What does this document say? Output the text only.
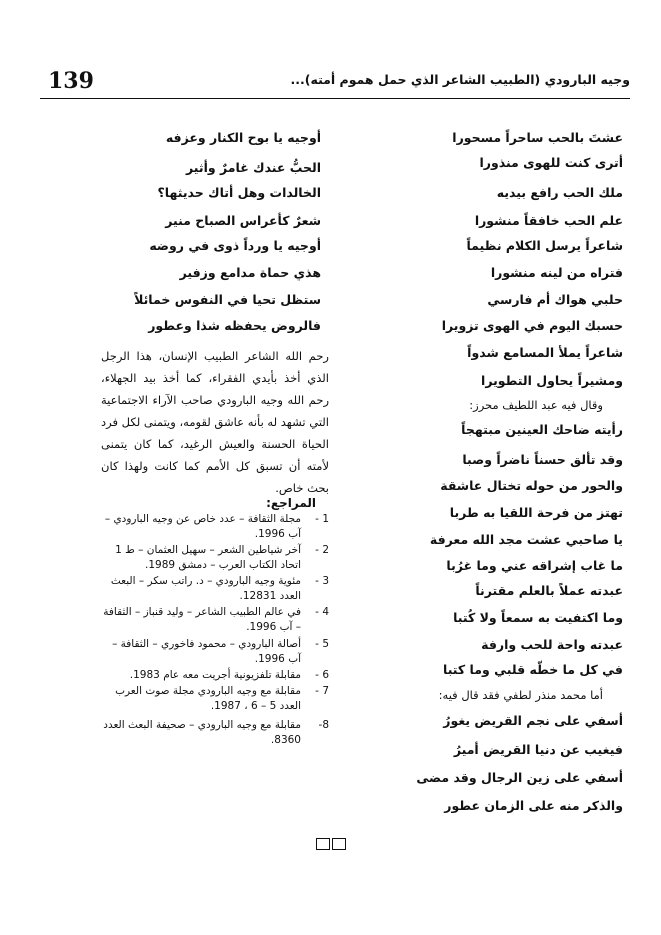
139	وجيه البارودي (الطبيب الشاعر الذي حمل هموم أمته)...
عشتَ بالحب ساحراً مسحورا
أترى كنت للهوى منذورا
ملك الحب رافع بيديه
علم الحب خافقاً منشورا
شاعراً يرسل الكلام نظيماً
فتراه من لينه منشورا
حلبي هواك أم فارسي
حسبك اليوم في الهوى تزويرا
شاعراً يملأ المسامع شدواً
ومشيراً يحاول التطويرا
وقال فيه عبد اللطيف محرز:
رأيته ضاحك العينين مبتهجاً
وقد تألق حسناً ناضراً وصبا
والحور من حوله تختال عاشقة
تهتز من فرحة اللقيا به طربا
يا صاحبي عشت مجد الله معرفة
ما غاب إشراقه عني وما غرُبا
عبدته عملاً بالعلم مقترناً
وما اكتفيت به سمعاً ولا كُتبا
عبدته واحة للحب وارفة
في كل ما خطّه قلبي وما كتبا
أما محمد منذر لطفي فقد قال فيه:
أسفي على نجم القريض يغورُ
فيغيب عن دنيا القريض أميرُ
أسفي على زين الرجال وقد مضى
والذكر منه على الزمان عطور
أوجيه يا بوح الكنار وعزفه
الحبُّ عندك غامرٌ وأثير
الخالدات وهل أتاك حديثها؟
شعرٌ كأعراس الصباح منير
أوجيه يا ورداً ذوى في روضه
هذي حماة مدامع وزفير
ستظل تحيا في النفوس خمائلاً
فالروض يحفظه شذا وعطور
رحم الله الشاعر الطبيب الإنسان، هذا الرجل الذي أخذ بأيدي الفقراء، كما أخذ بيد الجهلاء، رحم الله وجيه البارودي صاحب الآراء الاجتماعية التي تشهد له بأنه عاشق لقومه، ويتمنى لكل فرد الحياة الحسنة والعيش الرغيد، كما كان يتمنى لأمته أن تسبق كل الأمم كما كانت ولهذا كان بحث خاص.
المراجع:
1 -
مجلة الثقافة – عدد خاص عن وجيه البارودي – آب 1996.
2 -
آخر شياطين الشعر – سهيل العثمان – ط 1 اتحاد الكتاب العرب – دمشق 1989.
3 -
مئوية وجيه البارودي – د. راتب سكر – البعث العدد 12831.
4 -
في عالم الطبيب الشاعر – وليد قنباز – الثقافة – آب 1996.
5 -
أصالة البارودي – محمود فاخوري – الثقافة – آب 1996.
6 -
مقابلة تلفزيونية أجريت معه عام 1983.
7 -
مقابلة مع وجيه البارودي مجلة صوت العرب العدد 5 – 6 ، 1987.
8-
مقابلة مع وجيه البارودي – صحيفة البعث العدد 8360.
